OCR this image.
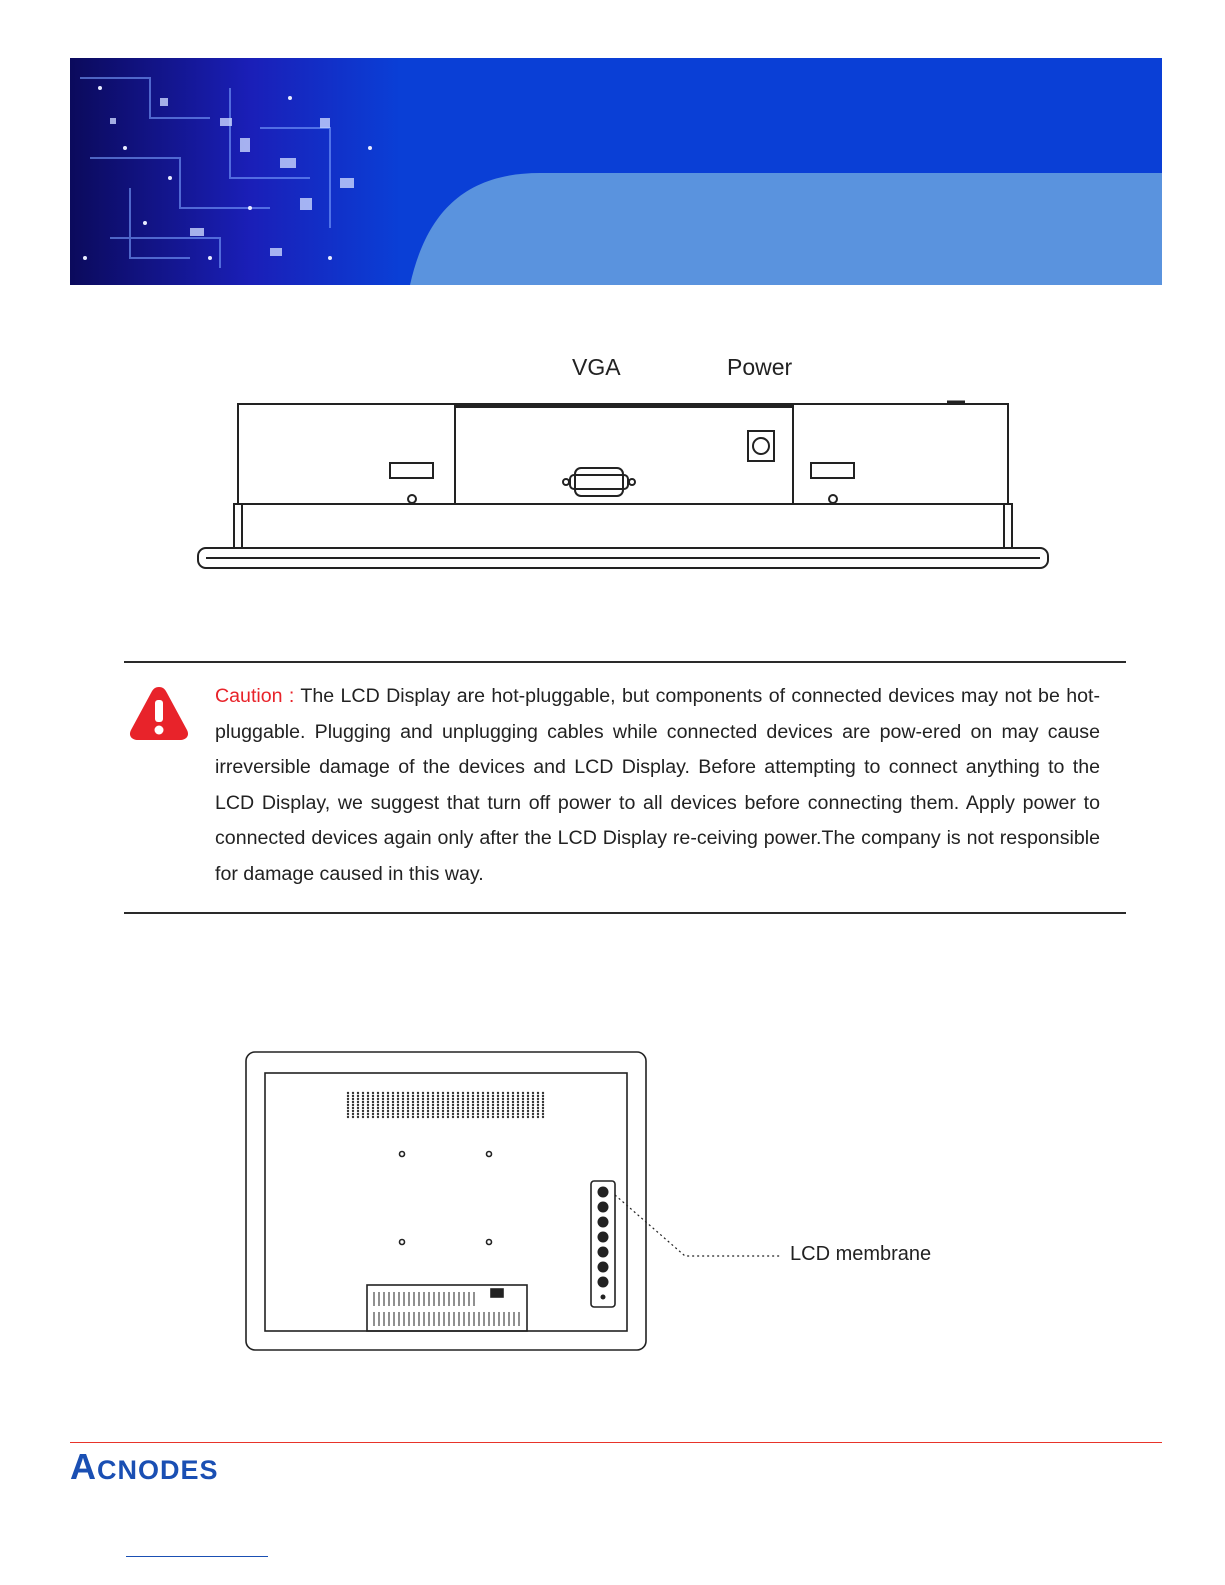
VGA	Power
Caution : The LCD Display are hot-pluggable, but components of connected devices may not be hot-pluggable. Plugging and unplugging cables while connected devices are pow-ered on may cause irreversible damage of the devices and LCD Display. Before attempting to connect anything to the LCD Display, we suggest that turn off power to all devices before connecting them. Apply power to connected devices again only after the LCD Display re-ceiving power.The company is not responsible for damage caused in this way.
LCD membrane
ACNODES
